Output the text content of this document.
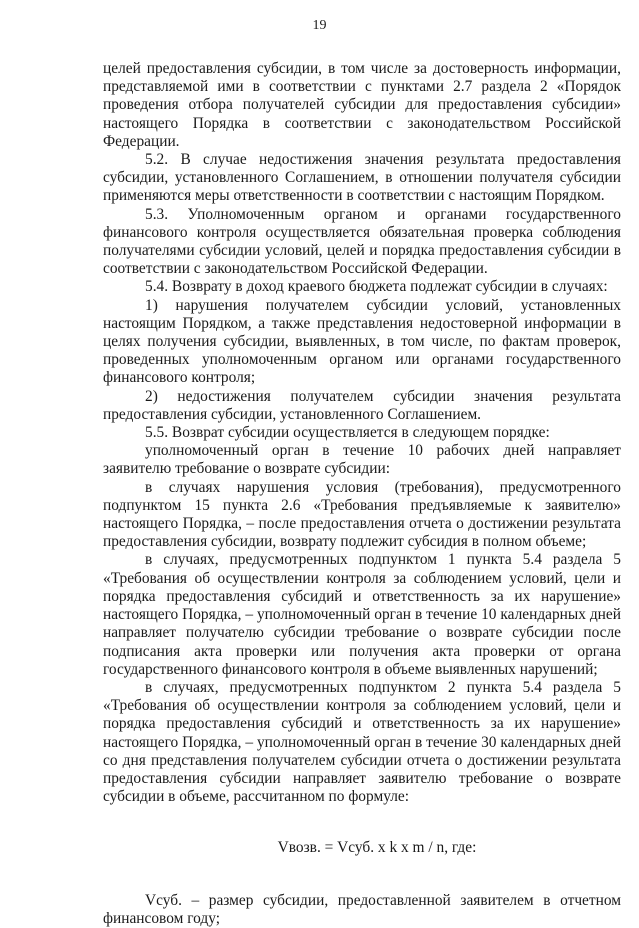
19

целей предоставления субсидии, в том числе за достоверность информации, представляемой ими в соответствии с пунктами 2.7 раздела 2 «Порядок проведения отбора получателей субсидии для предоставления субсидии» настоящего Порядка в соответствии с законодательством Российской Федерации.

5.2. В случае недостижения значения результата предоставления субсидии, установленного Соглашением, в отношении получателя субсидии применяются меры ответственности в соответствии с настоящим Порядком.

5.3. Уполномоченным органом и органами государственного финансового контроля осуществляется обязательная проверка соблюдения получателями субсидии условий, целей и порядка предоставления субсидии в соответствии с законодательством Российской Федерации.

5.4. Возврату в доход краевого бюджета подлежат субсидии в случаях:

1) нарушения получателем субсидии условий, установленных настоящим Порядком, а также представления недостоверной информации в целях получения субсидии, выявленных, в том числе, по фактам проверок, проведенных уполномоченным органом или органами государственного финансового контроля;

2) недостижения получателем субсидии значения результата предоставления субсидии, установленного Соглашением.

5.5. Возврат субсидии осуществляется в следующем порядке:

уполномоченный орган в течение 10 рабочих дней направляет заявителю требование о возврате субсидии:

в случаях нарушения условия (требования), предусмотренного подпунктом 15 пункта 2.6 «Требования предъявляемые к заявителю» настоящего Порядка, – после предоставления отчета о достижении результата предоставления субсидии, возврату подлежит субсидия в полном объеме;

в случаях, предусмотренных подпунктом 1 пункта 5.4 раздела 5 «Требования об осуществлении контроля за соблюдением условий, цели и порядка предоставления субсидий и ответственность за их нарушение» настоящего Порядка, – уполномоченный орган в течение 10 календарных дней направляет получателю субсидии требование о возврате субсидии после подписания акта проверки или получения акта проверки от органа государственного финансового контроля в объеме выявленных нарушений;

в случаях, предусмотренных подпунктом 2 пункта 5.4 раздела 5 «Требования об осуществлении контроля за соблюдением условий, цели и порядка предоставления субсидий и ответственность за их нарушение» настоящего Порядка, – уполномоченный орган в течение 30 календарных дней со дня представления получателем субсидии отчета о достижении результата предоставления субсидии направляет заявителю требование о возврате субсидии в объеме, рассчитанном по формуле:

Vвозв. = Vсуб. x k x m / n, где:

Vсуб. – размер субсидии, предоставленной заявителем в отчетном финансовом году;
